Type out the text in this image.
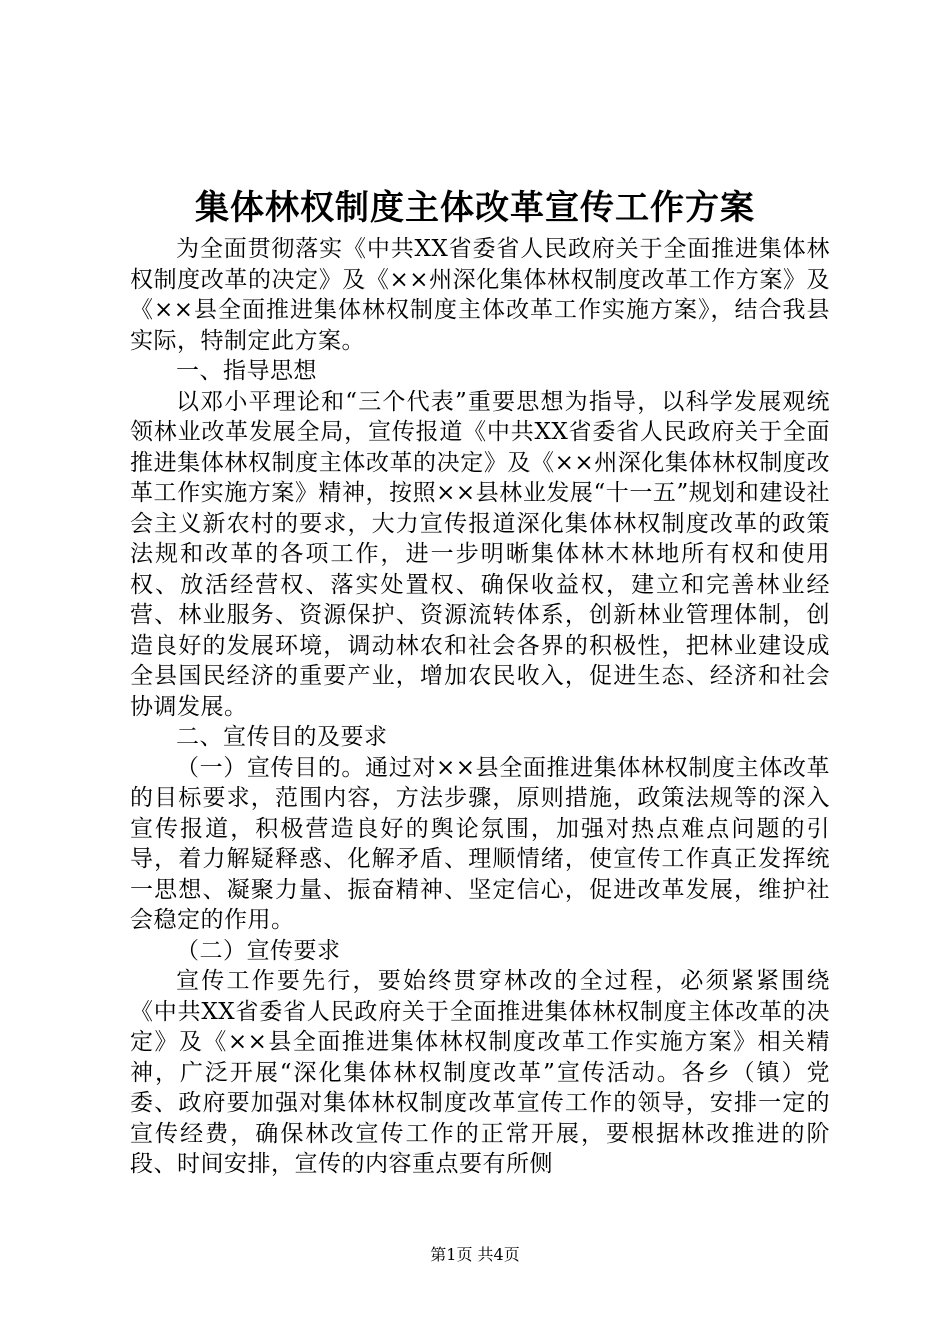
集体林权制度主体改革宣传工作方案

为全面贯彻落实《中共XX省委省人民政府关于全面推进集体林权制度改革的决定》及《××州深化集体林权制度改革工作方案》及《××县全面推进集体林权制度主体改革工作实施方案》，结合我县实际，特制定此方案。

一、指导思想

以邓小平理论和“三个代表”重要思想为指导，以科学发展观统领林业改革发展全局，宣传报道《中共XX省委省人民政府关于全面推进集体林权制度主体改革的决定》及《××州深化集体林权制度改革工作实施方案》精神，按照××县林业发展“十一五”规划和建设社会主义新农村的要求，大力宣传报道深化集体林权制度改革的政策法规和改革的各项工作，进一步明晰集体林木林地所有权和使用权、放活经营权、落实处置权、确保收益权，建立和完善林业经营、林业服务、资源保护、资源流转体系，创新林业管理体制，创造良好的发展环境，调动林农和社会各界的积极性，把林业建设成全县国民经济的重要产业，增加农民收入，促进生态、经济和社会协调发展。

二、宣传目的及要求

（一）宣传目的。通过对××县全面推进集体林权制度主体改革的目标要求，范围内容，方法步骤，原则措施，政策法规等的深入宣传报道，积极营造良好的舆论氛围，加强对热点难点问题的引导，着力解疑释惑、化解矛盾、理顺情绪，使宣传工作真正发挥统一思想、凝聚力量、振奋精神、坚定信心，促进改革发展，维护社会稳定的作用。

（二）宣传要求

宣传工作要先行，要始终贯穿林改的全过程，必须紧紧围绕《中共XX省委省人民政府关于全面推进集体林权制度主体改革的决定》及《××县全面推进集体林权制度改革工作实施方案》相关精神，广泛开展“深化集体林权制度改革”宣传活动。各乡（镇）党委、政府要加强对集体林权制度改革宣传工作的领导，安排一定的宣传经费，确保林改宣传工作的正常开展，要根据林改推进的阶段、时间安排，宣传的内容重点要有所侧

第1页 共4页
